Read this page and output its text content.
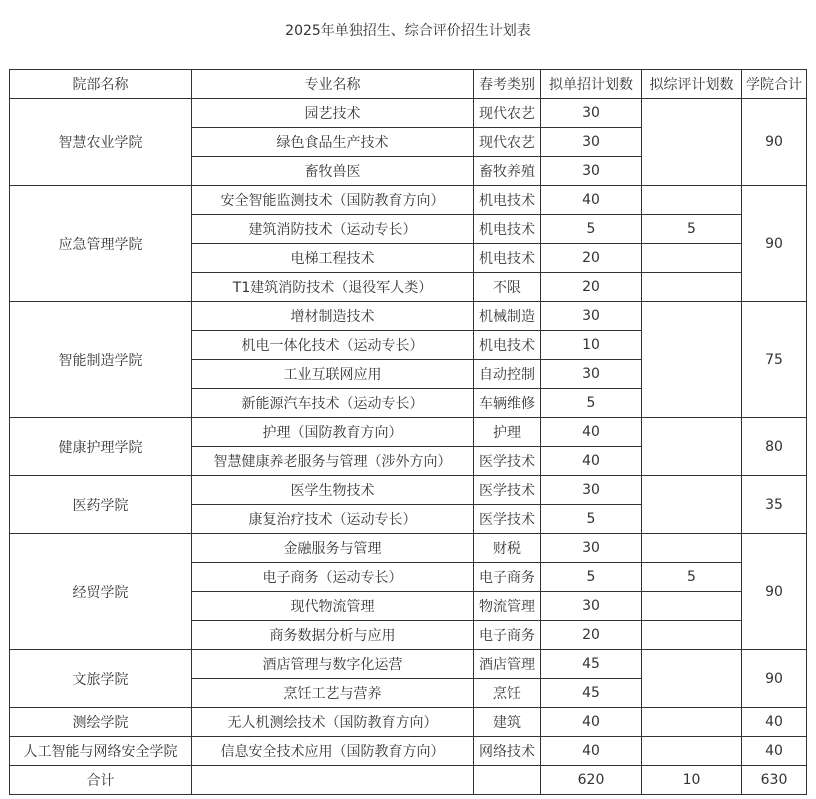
2025年单独招生、综合评价招生计划表
院部名称	专业名称	春考类别	拟单招计划数	拟综评计划数	学院合计
智慧农业学院	园艺技术	现代农艺	30		90
	绿色食品生产技术	现代农艺	30		
	畜牧兽医	畜牧养殖	30		
应急管理学院	安全智能监测技术（国防教育方向）	机电技术	40		90
	建筑消防技术（运动专长）	机电技术	5	5	
	电梯工程技术	机电技术	20		
	T1建筑消防技术（退役军人类）	不限	20		
智能制造学院	增材制造技术	机械制造	30		75
	机电一体化技术（运动专长）	机电技术	10		
	工业互联网应用	自动控制	30		
	新能源汽车技术（运动专长）	车辆维修	5		
健康护理学院	护理（国防教育方向）	护理	40		80
	智慧健康养老服务与管理（涉外方向）	医学技术	40		
医药学院	医学生物技术	医学技术	30		35
	康复治疗技术（运动专长）	医学技术	5		
经贸学院	金融服务与管理	财税	30		90
	电子商务（运动专长）	电子商务	5	5	
	现代物流管理	物流管理	30		
	商务数据分析与应用	电子商务	20		
文旅学院	酒店管理与数字化运营	酒店管理	45		90
	烹饪工艺与营养	烹饪	45		
测绘学院	无人机测绘技术（国防教育方向）	建筑	40		40
人工智能与网络安全学院	信息安全技术应用（国防教育方向）	网络技术	40		40
合计			620	10	630
